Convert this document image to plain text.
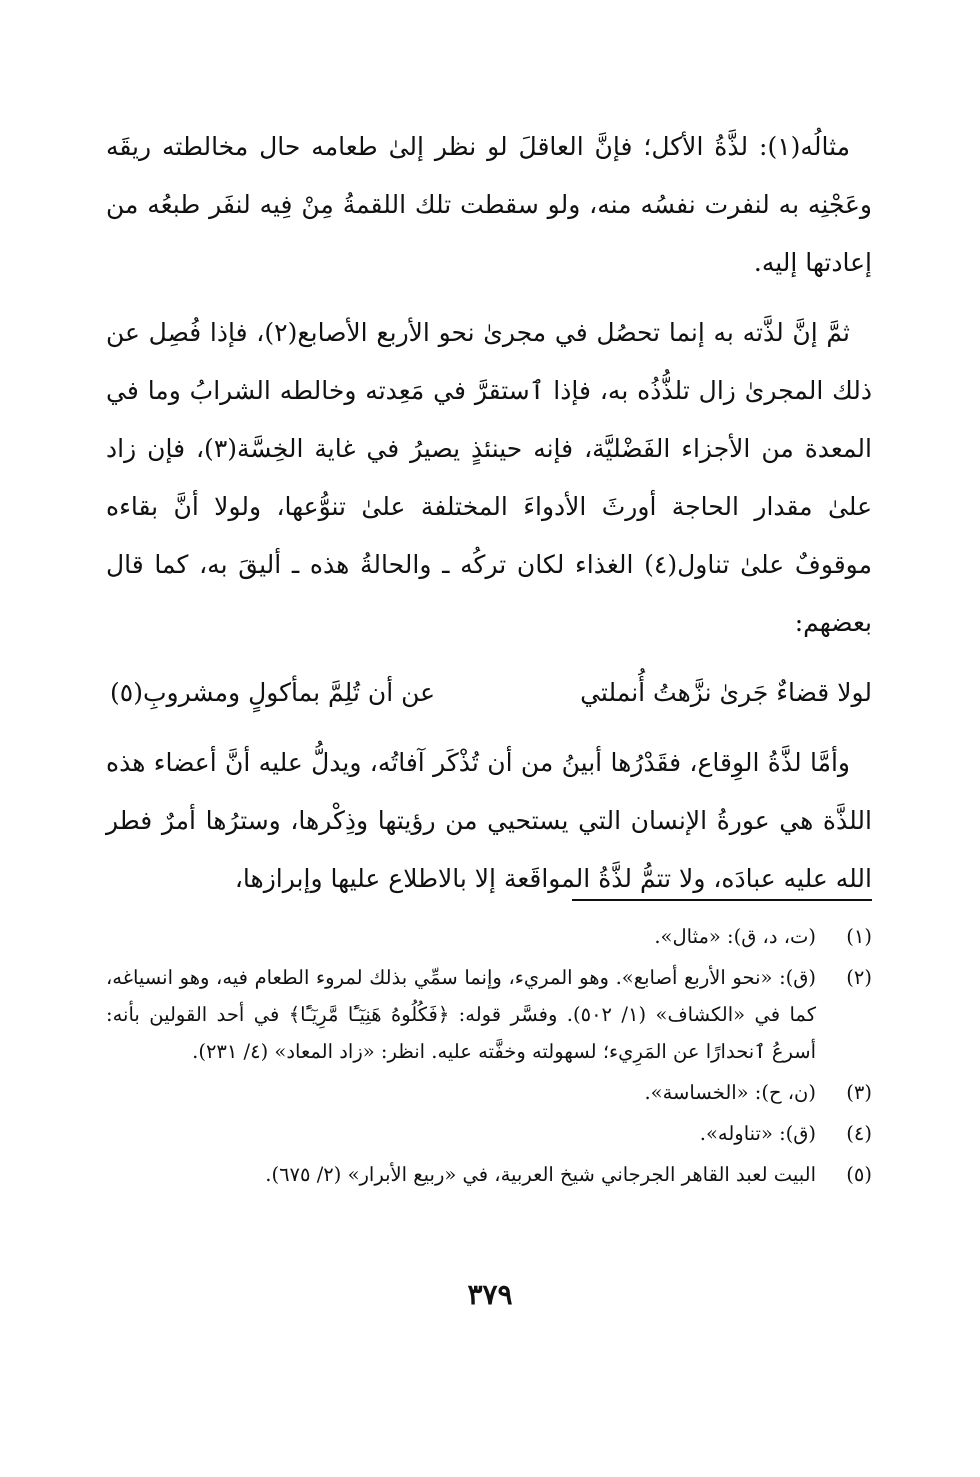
مثالُه(١): لذَّةُ الأكل؛ فإنَّ العاقلَ لو نظر إلىٰ طعامه حال مخالطته ريقَه وعَجْنِه به لنفرت نفسُه منه، ولو سقطت تلك اللقمةُ مِنْ فِيه لنفَر طبعُه من إعادتها إليه.

ثمَّ إنَّ لذَّته به إنما تحصُل في مجرىٰ نحو الأربع الأصابع(٢)، فإذا فُصِل عن ذلك المجرىٰ زال تلذُّذُه به، فإذا ٱستقرَّ في مَعِدته وخالطه الشرابُ وما في المعدة من الأجزاء الفَضْليَّة، فإنه حينئذٍ يصيرُ في غاية الخِسَّة(٣)، فإن زاد علىٰ مقدار الحاجة أورثَ الأدواءَ المختلفة علىٰ تنوُّعها، ولولا أنَّ بقاءه موقوفٌ علىٰ تناول(٤) الغذاء لكان تركُه ـ والحالةُ هذه ـ أليقَ به، كما قال بعضهم:

لولا قضاءٌ جَرىٰ نزَّهتُ أُنملتي
عن أن تُلِمَّ بمأكولٍ ومشروبِ(٥)

وأمَّا لذَّةُ الوِقاع، فقَدْرُها أبينُ من أن تُذْكَر آفاتُه، ويدلُّ عليه أنَّ أعضاء هذه اللذَّة هي عورةُ الإنسان التي يستحيي من رؤيتها وذِكْرها، وسترُها أمرٌ فطر الله عليه عبادَه، ولا تتمُّ لذَّةُ المواقَعة إلا بالاطلاع عليها وإبرازها،

(١)
(ت، د، ق): «مثال».
(٢)
(ق): «نحو الأربع أصابع». وهو المريء، وإنما سمِّي بذلك لمروء الطعام فيه، وهو انسياغه، كما في «الكشاف» (١/ ٥٠٢). وفسَّر قوله: ﴿فَكُلُوهُ هَنِيٓـًٔا مَّرِيٓـًٔا﴾ في أحد القولين بأنه: أسرعُ ٱنحدارًا عن المَرِيء؛ لسهولته وخفَّته عليه. انظر: «زاد المعاد» (٤/ ٢٣١).
(٣)
(ن، ح): «الخساسة».
(٤)
(ق): «تناوله».
(٥)
البيت لعبد القاهر الجرجاني شيخ العربية، في «ربيع الأبرار» (٢/ ٦٧٥).
٣٧٩
